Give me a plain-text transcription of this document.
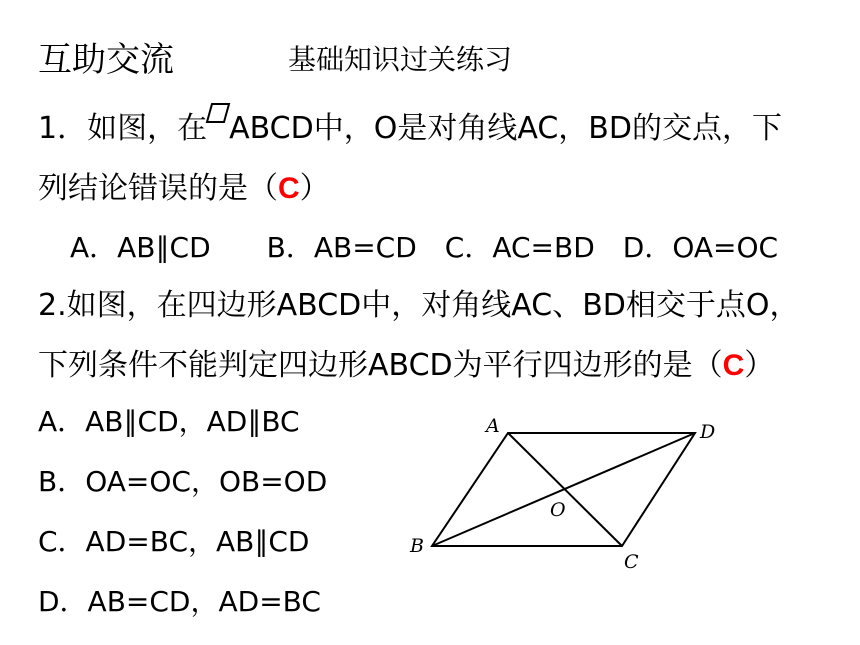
互助交流	基础知识过关练习
1．如图，在 ABCD中，O是对角线AC，BD的交点，下
列结论错误的是（C）
A．AB∥CD　　B．AB=CD　C．AC=BD　D．OA=OC
2.如图，在四边形ABCD中，对角线AC、BD相交于点O，
下列条件不能判定四边形ABCD为平行四边形的是（C）
A．AB∥CD，AD∥BC
B．OA=OC，OB=OD
C．AD=BC，AB∥CD
D．AB=CD，AD=BC
A	D
B
C
O
